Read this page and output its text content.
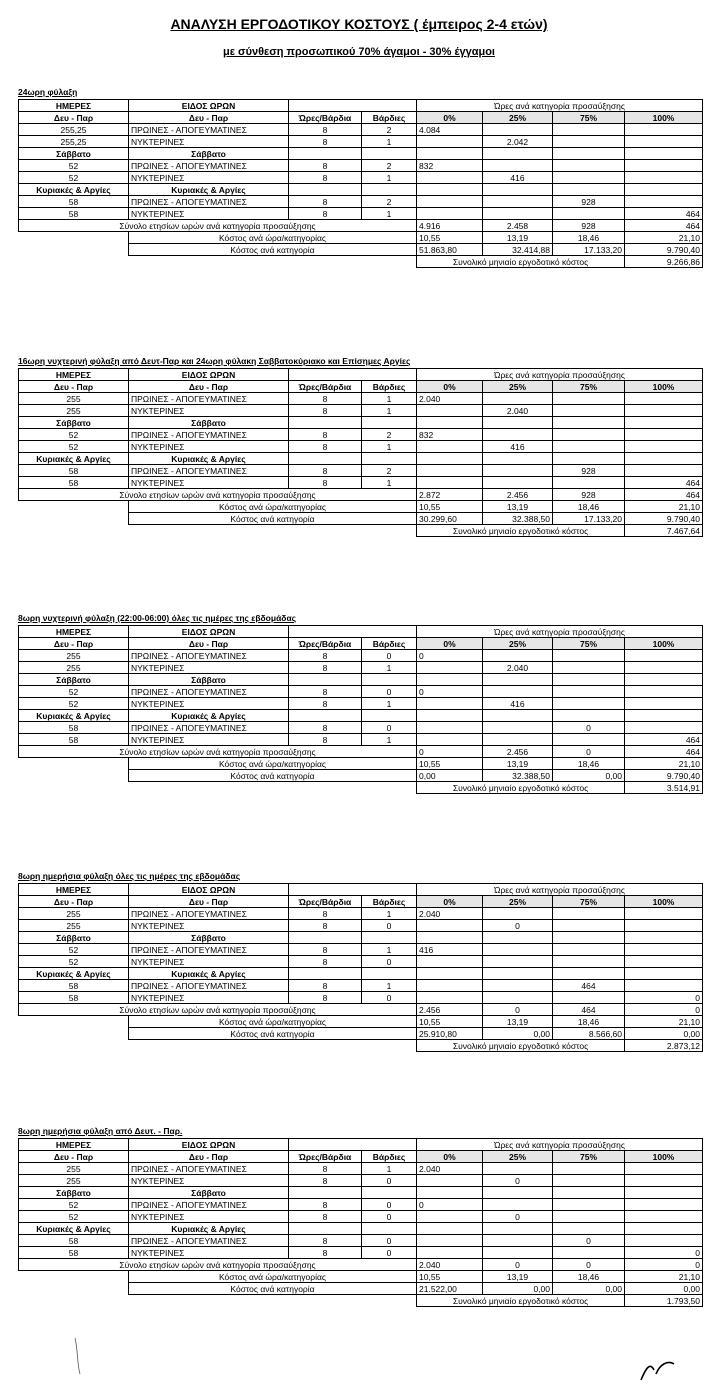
ΑΝΑΛΥΣΗ ΕΡΓΟΔΟΤΙΚΟΥ ΚΟΣΤΟΥΣ ( έμπειρος 2-4 ετών)
με σύνθεση προσωπικού 70% άγαμοι - 30% έγγαμοι
24ωρη φύλαξη
ΗΜΕΡΕΣ	ΕΙΔΟΣ ΩΡΩΝ			Ώρες ανά κατηγορία προσαύξησης			
Δευ - Παρ	Δευ - Παρ	Ώρες/Βάρδια	Βάρδιες	0%	25%	75%	100%
255,25	ΠΡΩΙΝΕΣ - ΑΠΟΓΕΥΜΑΤΙΝΕΣ	8	2	4.084			
255,25	ΝΥΚΤΕΡΙΝΕΣ	8	1		2.042		
Σάββατο	Σάββατο						
52	ΠΡΩΙΝΕΣ - ΑΠΟΓΕΥΜΑΤΙΝΕΣ	8	2	832			
52	ΝΥΚΤΕΡΙΝΕΣ	8	1		416		
Κυριακές & Αργίες	Κυριακές & Αργίες						
58	ΠΡΩΙΝΕΣ - ΑΠΟΓΕΥΜΑΤΙΝΕΣ	8	2			928	
58	ΝΥΚΤΕΡΙΝΕΣ	8	1				464
Σύνολο ετησίων ωρών ανά κατηγορία προσαύξησης				4.916	2.458	928	464
	Κόστος ανά ώρα/κατηγορίας			10,55	13,19	18,46	21,10
	Κόστος ανά κατηγορία			51.863,80	32.414,88	17.133,20	9.790,40
				Συνολικό μηνιαίο εργοδοτικό κόστος			9.266,86
16ωρη νυχτερινή φύλαξη από Δευτ-Παρ και 24ωρη φύλακη Σαββατοκύριακο και Επίσημες Αργίες
ΗΜΕΡΕΣ	ΕΙΔΟΣ ΩΡΩΝ			Ώρες ανά κατηγορία προσαύξησης			
Δευ - Παρ	Δευ - Παρ	Ώρες/Βάρδια	Βάρδιες	0%	25%	75%	100%
255	ΠΡΩΙΝΕΣ - ΑΠΟΓΕΥΜΑΤΙΝΕΣ	8	1	2.040			
255	ΝΥΚΤΕΡΙΝΕΣ	8	1		2.040		
Σάββατο	Σάββατο						
52	ΠΡΩΙΝΕΣ - ΑΠΟΓΕΥΜΑΤΙΝΕΣ	8	2	832			
52	ΝΥΚΤΕΡΙΝΕΣ	8	1		416		
Κυριακές & Αργίες	Κυριακές & Αργίες						
58	ΠΡΩΙΝΕΣ - ΑΠΟΓΕΥΜΑΤΙΝΕΣ	8	2			928	
58	ΝΥΚΤΕΡΙΝΕΣ	8	1				464
Σύνολο ετησίων ωρών ανά κατηγορία προσαύξησης				2.872	2.456	928	464
	Κόστος ανά ώρα/κατηγορίας			10,55	13,19	18,46	21,10
	Κόστος ανά κατηγορία			30.299,60	32.388,50	17.133,20	9.790,40
				Συνολικό μηνιαίο εργοδοτικό κόστος			7.467,64
8ωρη νυχτερινή φύλαξη (22:00-06:00) όλες τις ημέρες της εβδομάδας
ΗΜΕΡΕΣ	ΕΙΔΟΣ ΩΡΩΝ			Ώρες ανά κατηγορία προσαύξησης			
Δευ - Παρ	Δευ - Παρ	Ώρες/Βάρδια	Βάρδιες	0%	25%	75%	100%
255	ΠΡΩΙΝΕΣ - ΑΠΟΓΕΥΜΑΤΙΝΕΣ	8	0	0			
255	ΝΥΚΤΕΡΙΝΕΣ	8	1		2.040		
Σάββατο	Σάββατο						
52	ΠΡΩΙΝΕΣ - ΑΠΟΓΕΥΜΑΤΙΝΕΣ	8	0	0			
52	ΝΥΚΤΕΡΙΝΕΣ	8	1		416		
Κυριακές & Αργίες	Κυριακές & Αργίες						
58	ΠΡΩΙΝΕΣ - ΑΠΟΓΕΥΜΑΤΙΝΕΣ	8	0			0	
58	ΝΥΚΤΕΡΙΝΕΣ	8	1				464
Σύνολο ετησίων ωρών ανά κατηγορία προσαύξησης				0	2.456	0	464
	Κόστος ανά ώρα/κατηγορίας			10,55	13,19	18,46	21,10
	Κόστος ανά κατηγορία			0,00	32.388,50	0,00	9.790,40
				Συνολικό μηνιαίο εργοδοτικό κόστος			3.514,91
8ωρη ημερήσια φύλαξη όλες τις ημέρες της εβδομάδας
ΗΜΕΡΕΣ	ΕΙΔΟΣ ΩΡΩΝ			Ώρες ανά κατηγορία προσαύξησης			
Δευ - Παρ	Δευ - Παρ	Ώρες/Βάρδια	Βάρδιες	0%	25%	75%	100%
255	ΠΡΩΙΝΕΣ - ΑΠΟΓΕΥΜΑΤΙΝΕΣ	8	1	2.040			
255	ΝΥΚΤΕΡΙΝΕΣ	8	0		0		
Σάββατο	Σάββατο						
52	ΠΡΩΙΝΕΣ - ΑΠΟΓΕΥΜΑΤΙΝΕΣ	8	1	416			
52	ΝΥΚΤΕΡΙΝΕΣ	8	0				
Κυριακές & Αργίες	Κυριακές & Αργίες						
58	ΠΡΩΙΝΕΣ - ΑΠΟΓΕΥΜΑΤΙΝΕΣ	8	1			464	
58	ΝΥΚΤΕΡΙΝΕΣ	8	0				0
Σύνολο ετησίων ωρών ανά κατηγορία προσαύξησης				2.456	0	464	0
	Κόστος ανά ώρα/κατηγορίας			10,55	13,19	18,46	21,10
	Κόστος ανά κατηγορία			25.910,80	0,00	8.566,60	0,00
				Συνολικό μηνιαίο εργοδοτικό κόστος			2.873,12
8ωρη ημερήσια φύλαξη από Δευτ. - Παρ.
ΗΜΕΡΕΣ	ΕΙΔΟΣ ΩΡΩΝ			Ώρες ανά κατηγορία προσαύξησης			
Δευ - Παρ	Δευ - Παρ	Ώρες/Βάρδια	Βάρδιες	0%	25%	75%	100%
255	ΠΡΩΙΝΕΣ - ΑΠΟΓΕΥΜΑΤΙΝΕΣ	8	1	2.040			
255	ΝΥΚΤΕΡΙΝΕΣ	8	0		0		
Σάββατο	Σάββατο						
52	ΠΡΩΙΝΕΣ - ΑΠΟΓΕΥΜΑΤΙΝΕΣ	8	0	0			
52	ΝΥΚΤΕΡΙΝΕΣ	8	0		0		
Κυριακές & Αργίες	Κυριακές & Αργίες						
58	ΠΡΩΙΝΕΣ - ΑΠΟΓΕΥΜΑΤΙΝΕΣ	8	0			0	
58	ΝΥΚΤΕΡΙΝΕΣ	8	0				0
Σύνολο ετησίων ωρών ανά κατηγορία προσαύξησης				2.040	0	0	0
	Κόστος ανά ώρα/κατηγορίας			10,55	13,19	18,46	21,10
	Κόστος ανά κατηγορία			21.522,00	0,00	0,00	0,00
				Συνολικό μηνιαίο εργοδοτικό κόστος			1.793,50
